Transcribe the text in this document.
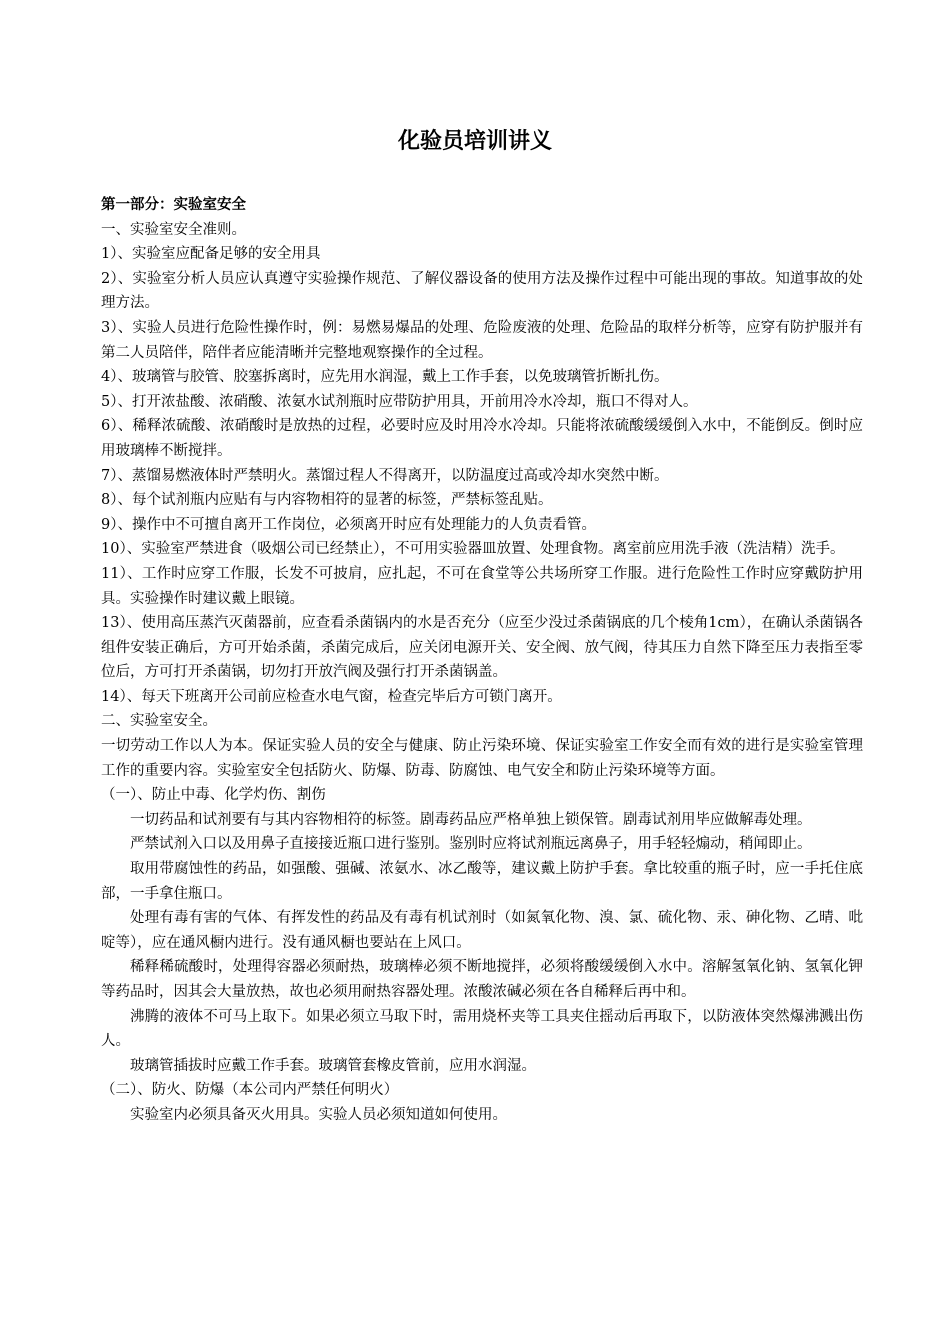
化验员培训讲义

第一部分：实验室安全

一、实验室安全准则。

1）、实验室应配备足够的安全用具

2）、实验室分析人员应认真遵守实验操作规范、了解仪器设备的使用方法及操作过程中可能出现的事故。知道事故的处理方法。

3）、实验人员进行危险性操作时，例：易燃易爆品的处理、危险废液的处理、危险品的取样分析等，应穿有防护服并有第二人员陪伴，陪伴者应能清晰并完整地观察操作的全过程。

4）、玻璃管与胶管、胶塞拆离时，应先用水润湿，戴上工作手套，以免玻璃管折断扎伤。

5）、打开浓盐酸、浓硝酸、浓氨水试剂瓶时应带防护用具，开前用冷水冷却，瓶口不得对人。

6）、稀释浓硫酸、浓硝酸时是放热的过程，必要时应及时用冷水冷却。只能将浓硫酸缓缓倒入水中，不能倒反。倒时应用玻璃棒不断搅拌。

7）、蒸馏易燃液体时严禁明火。蒸馏过程人不得离开，以防温度过高或冷却水突然中断。

8）、每个试剂瓶内应贴有与内容物相符的显著的标签，严禁标签乱贴。

9）、操作中不可擅自离开工作岗位，必须离开时应有处理能力的人负责看管。

10）、实验室严禁进食（吸烟公司已经禁止），不可用实验器皿放置、处理食物。离室前应用洗手液（洗洁精）洗手。

11）、工作时应穿工作服，长发不可披肩，应扎起，不可在食堂等公共场所穿工作服。进行危险性工作时应穿戴防护用具。实验操作时建议戴上眼镜。

13）、使用高压蒸汽灭菌器前，应查看杀菌锅内的水是否充分（应至少没过杀菌锅底的几个棱角1cm），在确认杀菌锅各组件安装正确后，方可开始杀菌，杀菌完成后，应关闭电源开关、安全阀、放气阀，待其压力自然下降至压力表指至零位后，方可打开杀菌锅，切勿打开放汽阀及强行打开杀菌锅盖。

14）、每天下班离开公司前应检查水电气窗，检查完毕后方可锁门离开。

二、实验室安全。

一切劳动工作以人为本。保证实验人员的安全与健康、防止污染环境、保证实验室工作安全而有效的进行是实验室管理工作的重要内容。实验室安全包括防火、防爆、防毒、防腐蚀、电气安全和防止污染环境等方面。

（一）、防止中毒、化学灼伤、割伤

一切药品和试剂要有与其内容物相符的标签。剧毒药品应严格单独上锁保管。剧毒试剂用毕应做解毒处理。

严禁试剂入口以及用鼻子直接接近瓶口进行鉴别。鉴别时应将试剂瓶远离鼻子，用手轻轻煽动，稍闻即止。

取用带腐蚀性的药品，如强酸、强碱、浓氨水、冰乙酸等，建议戴上防护手套。拿比较重的瓶子时，应一手托住底部，一手拿住瓶口。

处理有毒有害的气体、有挥发性的药品及有毒有机试剂时（如氮氧化物、溴、氯、硫化物、汞、砷化物、乙晴、吡啶等），应在通风橱内进行。没有通风橱也要站在上风口。

稀释稀硫酸时，处理得容器必须耐热，玻璃棒必须不断地搅拌，必须将酸缓缓倒入水中。溶解氢氧化钠、氢氧化钾等药品时，因其会大量放热，故也必须用耐热容器处理。浓酸浓碱必须在各自稀释后再中和。

沸腾的液体不可马上取下。如果必须立马取下时，需用烧杯夹等工具夹住摇动后再取下，以防液体突然爆沸溅出伤人。

玻璃管插拔时应戴工作手套。玻璃管套橡皮管前，应用水润湿。

（二）、防火、防爆（本公司内严禁任何明火）

实验室内必须具备灭火用具。实验人员必须知道如何使用。
